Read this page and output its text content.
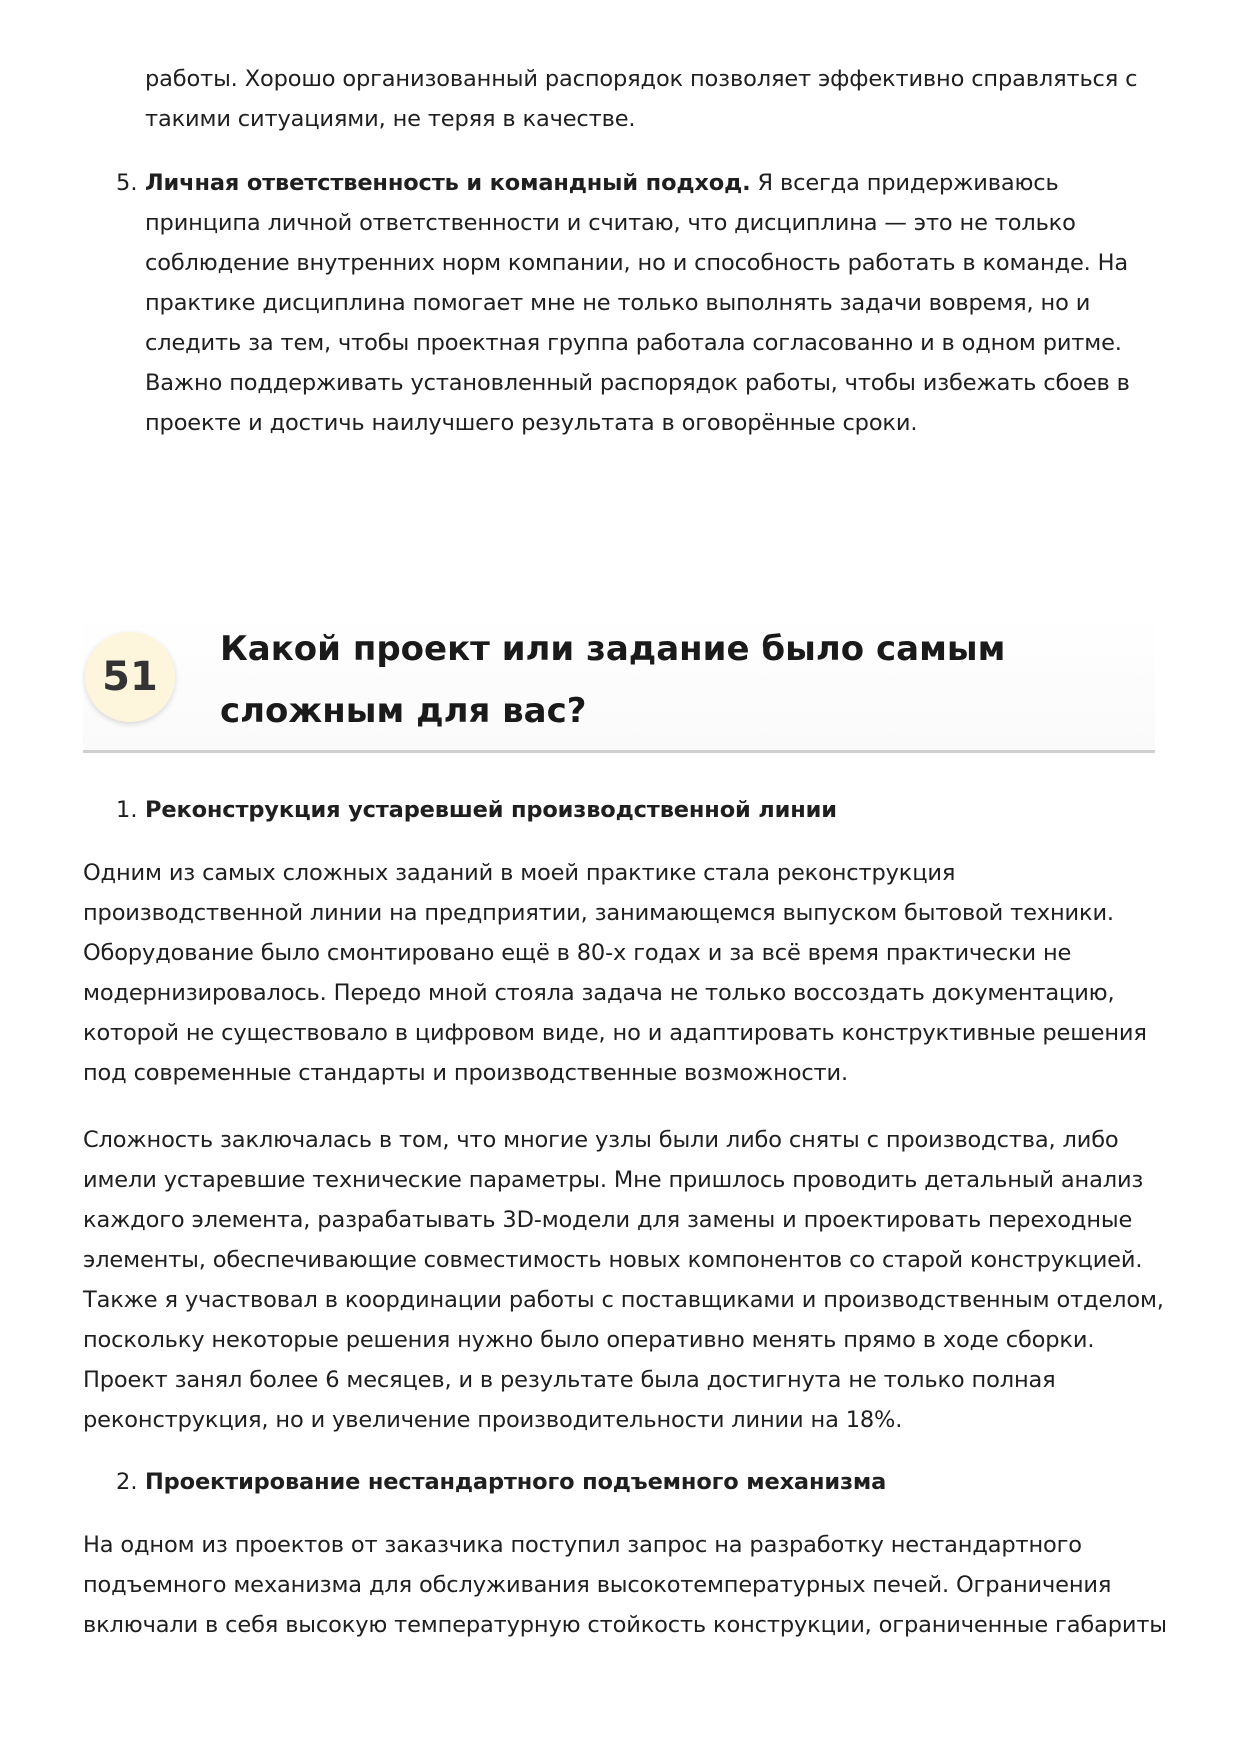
работы. Хорошо организованный распорядок позволяет эффективно справляться с такими ситуациями, не теряя в качестве.

5. Личная ответственность и командный подход. Я всегда придерживаюсь принципа личной ответственности и считаю, что дисциплина — это не только соблюдение внутренних норм компании, но и способность работать в команде. На практике дисциплина помогает мне не только выполнять задачи вовремя, но и следить за тем, чтобы проектная группа работала согласованно и в одном ритме. Важно поддерживать установленный распорядок работы, чтобы избежать сбоев в проекте и достичь наилучшего результата в оговорённые сроки.

51
Какой проект или задание было самым сложным для вас?
1. Реконструкция устаревшей производственной линии

Одним из самых сложных заданий в моей практике стала реконструкция производственной линии на предприятии, занимающемся выпуском бытовой техники. Оборудование было смонтировано ещё в 80-х годах и за всё время практически не модернизировалось. Передо мной стояла задача не только воссоздать документацию, которой не существовало в цифровом виде, но и адаптировать конструктивные решения под современные стандарты и производственные возможности.

Сложность заключалась в том, что многие узлы были либо сняты с производства, либо имели устаревшие технические параметры. Мне пришлось проводить детальный анализ каждого элемента, разрабатывать 3D-модели для замены и проектировать переходные элементы, обеспечивающие совместимость новых компонентов со старой конструкцией. Также я участвовал в координации работы с поставщиками и производственным отделом, поскольку некоторые решения нужно было оперативно менять прямо в ходе сборки. Проект занял более 6 месяцев, и в результате была достигнута не только полная реконструкция, но и увеличение производительности линии на 18%.

2. Проектирование нестандартного подъемного механизма

На одном из проектов от заказчика поступил запрос на разработку нестандартного подъемного механизма для обслуживания высокотемпературных печей. Ограничения включали в себя высокую температурную стойкость конструкции, ограниченные габариты
